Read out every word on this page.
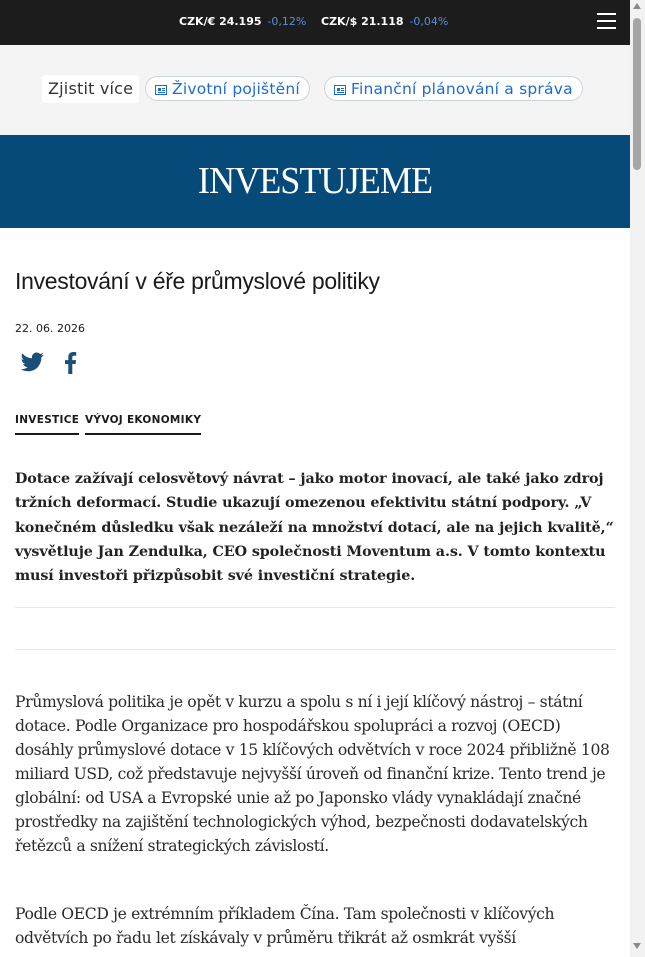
CZK/€ 24.195 -0,12% CZK/$ 21.118 -0,04%
Zjistit více	Životní pojištění	Finanční plánování a správa
INVESTUJEME
Investování v éře průmyslové politiky
22. 06. 2026
INVESTICE VÝVOJ EKONOMIKY

Dotace zažívají celosvětový návrat – jako motor inovací, ale také jako zdroj tržních deformací. Studie ukazují omezenou efektivitu státní podpory. „V konečném důsledku však nezáleží na množství dotací, ale na jejich kvalitě,“ vysvětluje Jan Zendulka, CEO společnosti Moventum a.s. V tomto kontextu musí investoři přizpůsobit své investiční strategie.

Průmyslová politika je opět v kurzu a spolu s ní i její klíčový nástroj – státní dotace. Podle Organizace pro hospodářskou spolupráci a rozvoj (OECD) dosáhly průmyslové dotace v 15 klíčových odvětvích v roce 2024 přibližně 108 miliard USD, což představuje nejvyšší úroveň od finanční krize. Tento trend je globální: od USA a Evropské unie až po Japonsko vlády vynakládají značné prostředky na zajištění technologických výhod, bezpečnosti dodavatelských řetězců a snížení strategických závislostí.

Podle OECD je extrémním příkladem Čína. Tam společnosti v klíčových odvětvích po řadu let získávaly v průměru třikrát až osmkrát vyšší
